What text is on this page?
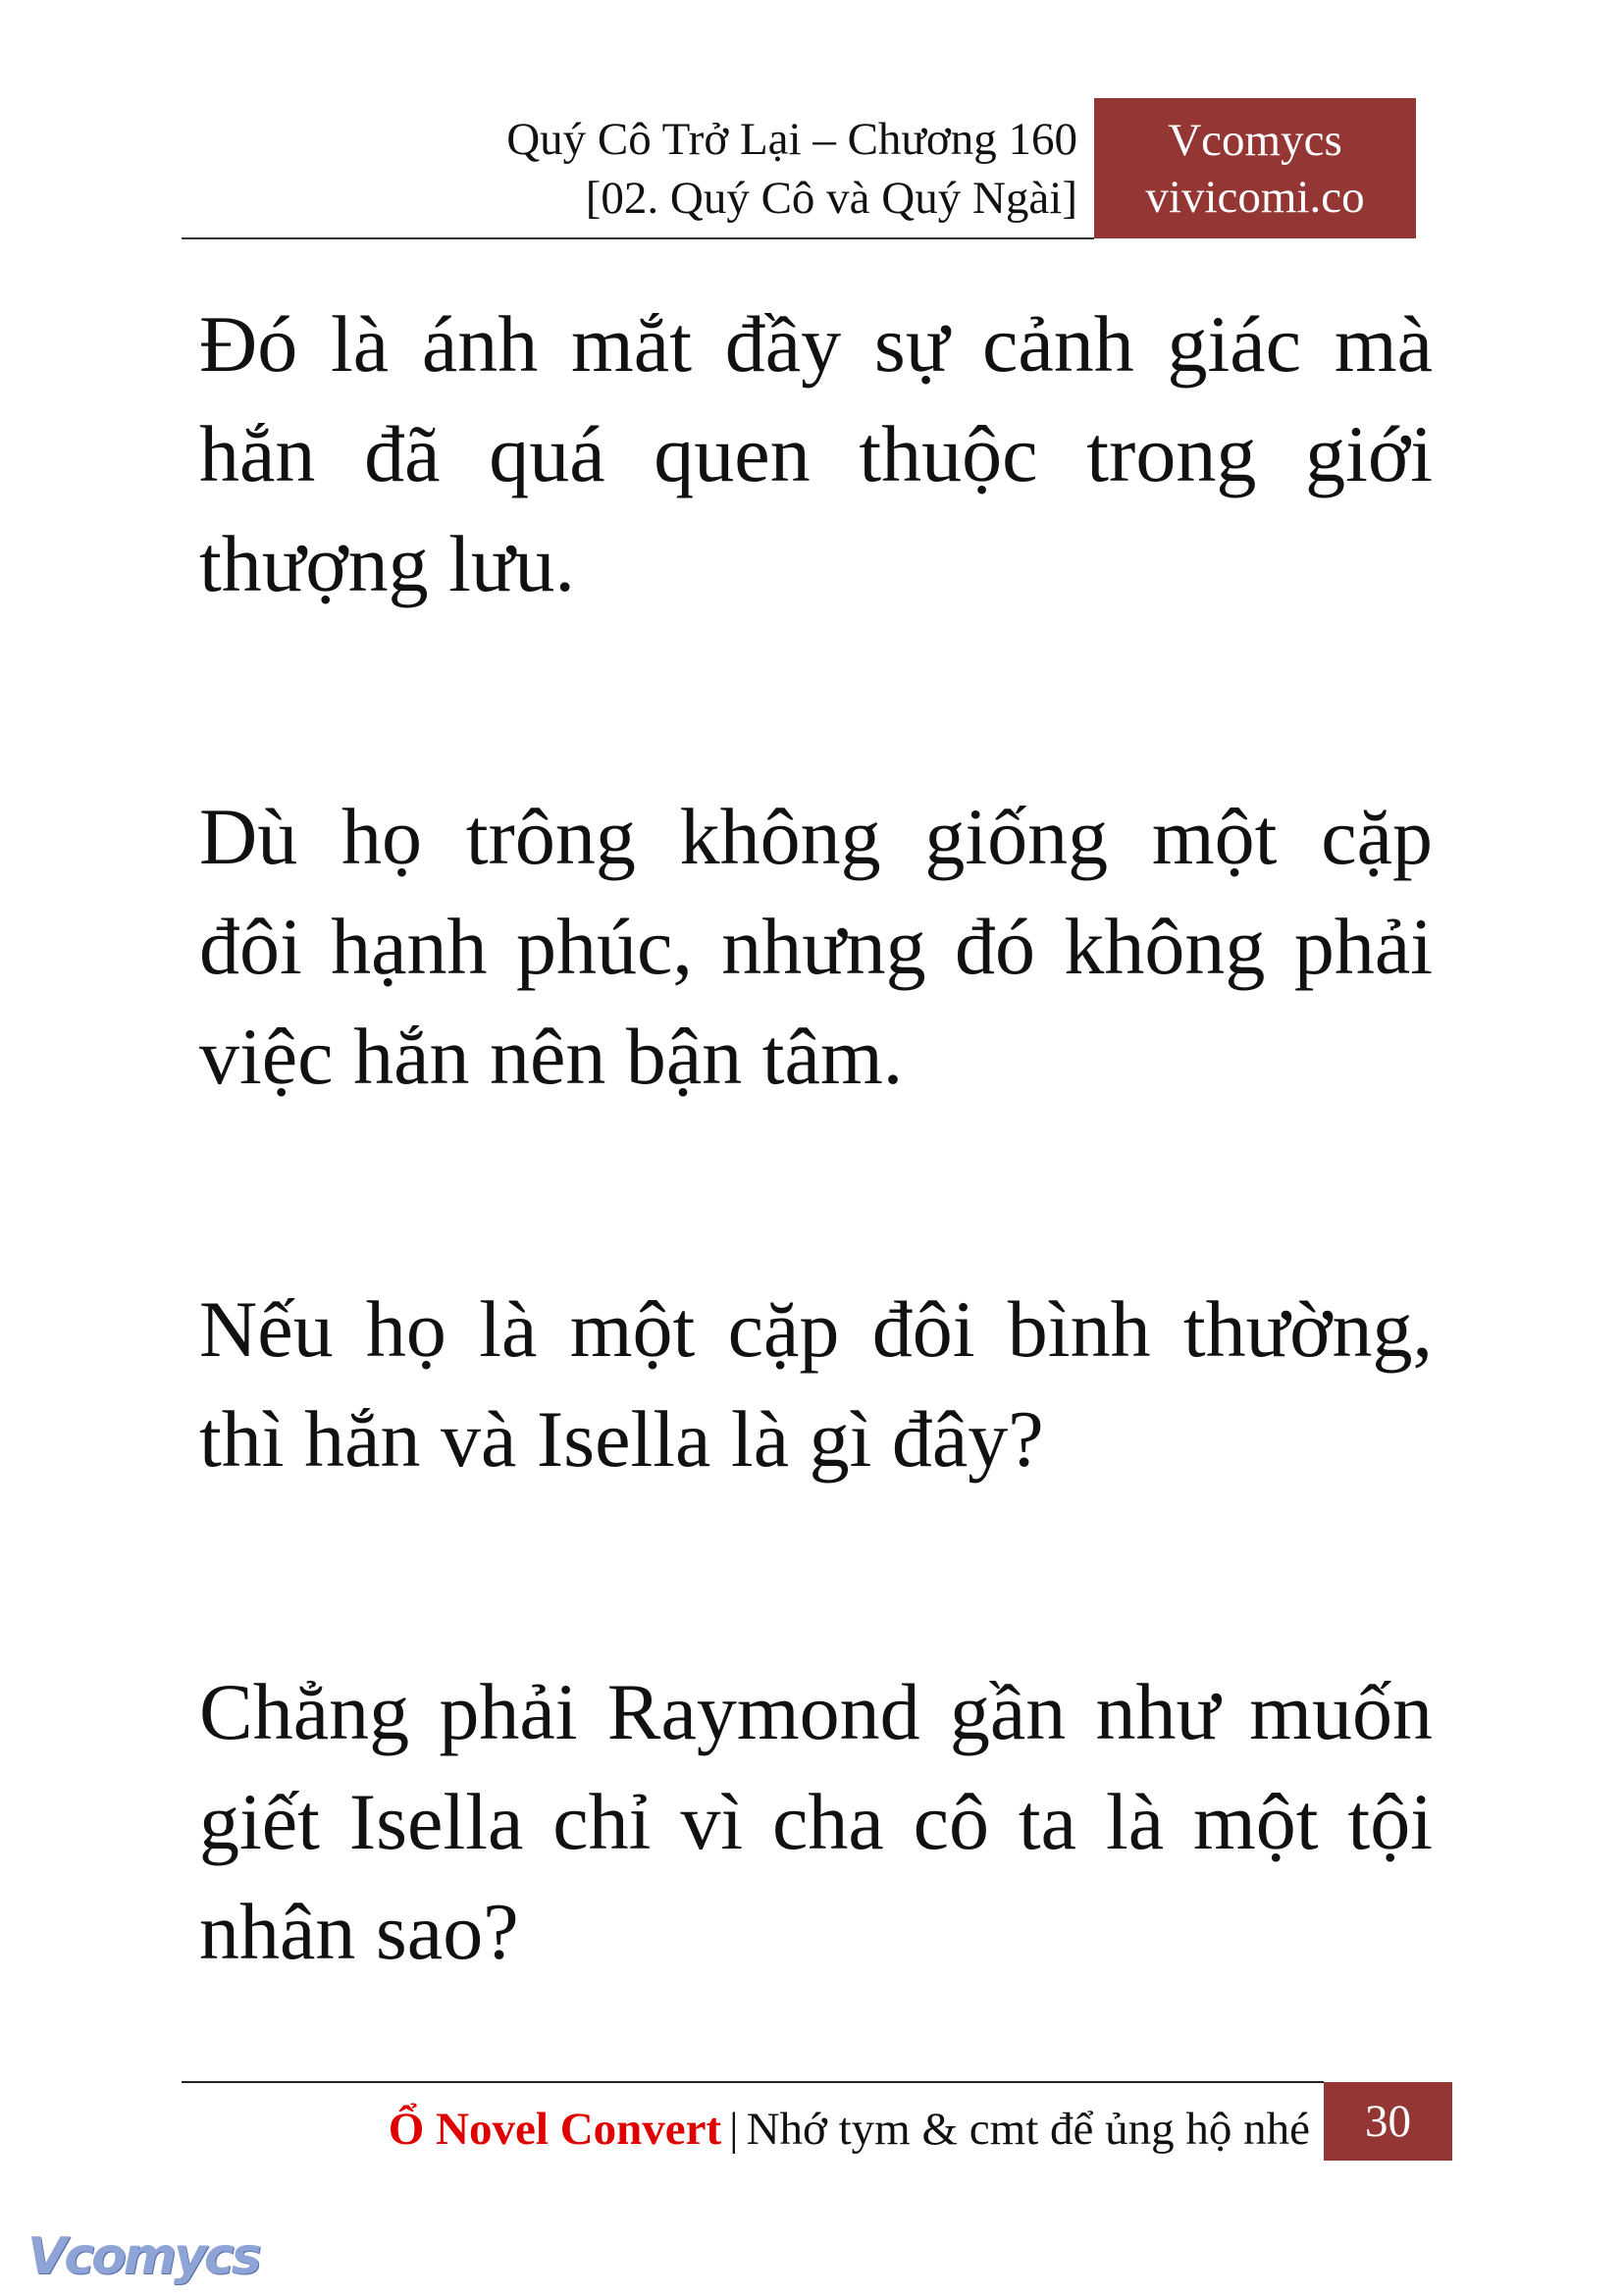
Quý Cô Trở Lại – Chương 160
[02. Quý Cô và Quý Ngài]
Vcomycs
vivicomi.co
Đó là ánh mắt đầy sự cảnh giác mà
hắn đã quá quen thuộc trong giới
thượng lưu.
Dù họ trông không giống một cặp
đôi hạnh phúc, nhưng đó không phải
việc hắn nên bận tâm.
Nếu họ là một cặp đôi bình thường,
thì hắn và Isella là gì đây?
Chẳng phải Raymond gần như muốn
giết Isella chỉ vì cha cô ta là một tội
nhân sao?
Ổ Novel Convert | Nhớ tym & cmt để ủng hộ nhé	30
Vcomycs
